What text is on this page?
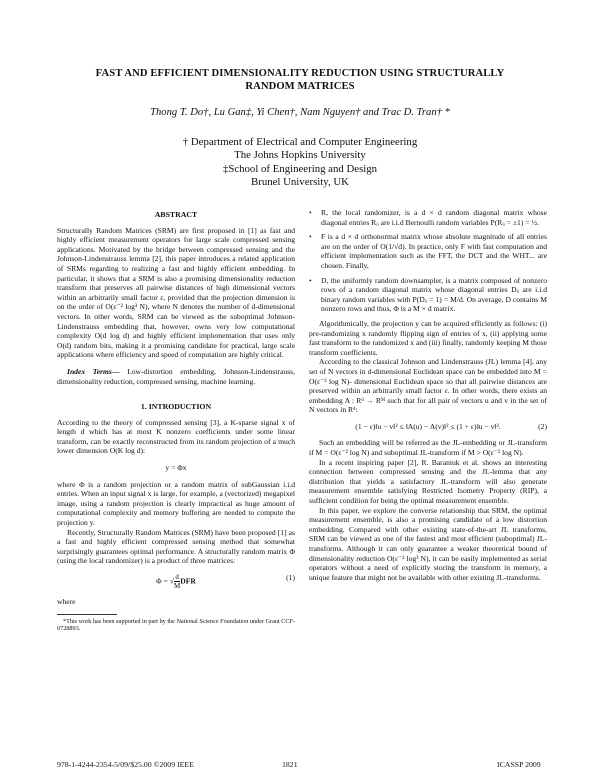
FAST AND EFFICIENT DIMENSIONALITY REDUCTION USING STRUCTURALLY
RANDOM MATRICES
Thong T. Do†, Lu Gan‡, Yi Chen†, Nam Nguyen† and Trac D. Tran† *
† Department of Electrical and Computer Engineering
The Johns Hopkins University
‡School of Engineering and Design
Brunel University, UK
ABSTRACT

Structurally Random Matrices (SRM) are first proposed in [1] as fast and highly efficient measurement operators for large scale compressed sensing applications. Motivated by the bridge between compressed sensing and the Johnson-Lindenstrauss lemma [2], this paper introduces a related application of SRMs regarding to realizing a fast and highly efficient embedding. In particular, it shows that a SRM is also a promising dimensionality reduction transform that preserves all pairwise distances of high dimensional vectors within an arbitrarily small factor ε, provided that the projection dimension is on the order of O(ε⁻² log³ N), where N denotes the number of d-dimensional vectors. In other words, SRM can be viewed as the suboptimal Johnson-Lindenstrauss embedding that, however, owns very low computational complexity O(d log d) and highly efficient implementation that uses only O(d) random bits, making it a promising candidate for practical, large scale applications where efficiency and speed of computation are highly critical.

Index Terms— Low-distortion embedding, Johnson-Lindenstrauss, dimensionality reduction, compressed sensing, machine learning.

1. INTRODUCTION

According to the theory of compressed sensing [3], a K-sparse signal x of length d which has at most K nonzero coefficients under some linear transform, can be exactly reconstructed from its random projection of a much lower dimension O(K log d):

y = Φx

where Φ is a random projection or a random matrix of subGaussian i.i.d entries. When an input signal x is large, for example, a (vectorized) megapixel image, using a random projection is clearly impractical as huge amount of computational complexity and memory buffering are needed to compute the projection y.

Recently, Structurally Random Matrices (SRM) have been proposed [1] as a fast and highly efficient compressed sensing method that somewhat surprisingly guarantees optimal performance. A structurally random matrix Φ (using the local randomizer) is a product of three matrices:

Φ = √ $\frac{d}{M}$ DFR	(1)

where

*This work has been supported in part by the National Science Foundation under Grant CCF-0728893.

• R, the local randomizer, is a d × d random diagonal matrix whose diagonal entries Rᵢᵢ are i.i.d Bernoulli random variables P(Rᵢᵢ = ±1) = ½.
• F is a d × d orthonormal matrix whose absolute magnitude of all entries are on the order of O(1/√d). In practice, only F with fast computation and efficient implementation such as the FFT, the DCT and the WHT... are chosen. Finally,
• D, the uniformly random downsampler, is a matrix composed of nonzero rows of a random diagonal matrix whose diagonal entries Dᵢᵢ are i.i.d binary random variables with P(Dᵢᵢ = 1) = M/d. On average, D contains M nonzero rows and thus, Φ is a M × d matrix.

Algorithmically, the projection y can be acquired efficiently as follows: (i) pre-randomizing x randomly flipping sign of entries of x, (ii) applying some fast transform to the randomized x and (iii) finally, randomly keeping M those transform coefficients.

According to the classical Johnson and Lindenstrauss (JL) lemma [4], any set of N vectors in d-dimensional Euclidean space can be embedded into M = O(ε⁻² log N)- dimensional Euclidean space so that all pairwise distances are preserved within an arbitrarily small factor ε. In other words, there exists an embedding A : Rᵈ → Rᴹ such that for all pair of vectors u and v in the set of N vectors in Rᵈ:

(1 − ε)‖u − v‖² ≤ ‖A(u) − A(v)‖² ≤ (1 + ε)‖u − v‖².	(2)

Such an embedding will be referred as the JL-embedding or JL-transform if M = O(ε⁻² log N) and suboptimal JL-transform if M > O(ε⁻² log N).

In a recent inspiring paper [2], R. Baraniuk et al. shows an interesting connection between compressed sensing and the JL-lemma that any distribution that yields a satisfactory JL-transform will also generate measurement ensemble satisfying Restricted Isometry Property (RIP), a sufficient condition for being the optimal measurement ensemble.

In this paper, we explore the converse relationship that SRM, the optimal measurement ensemble, is also a promising candidate of a low distortion embedding. Compared with other existing state-of-the-art JL transforms, SRM can be viewed as one of the fastest and most efficient (suboptimal) JL-transforms. Although it can only guarantee a weaker theoretical bound of dimensionality reduction O(ε⁻² log³ N), it can be easily implemented as serial operators without a need of explicitly storing the transform in memory, a unique feature that might not be available with other existing JL-transforms.

978-1-4244-2354-5/09/$25.00 ©2009 IEEE	1821	ICASSP 2009
